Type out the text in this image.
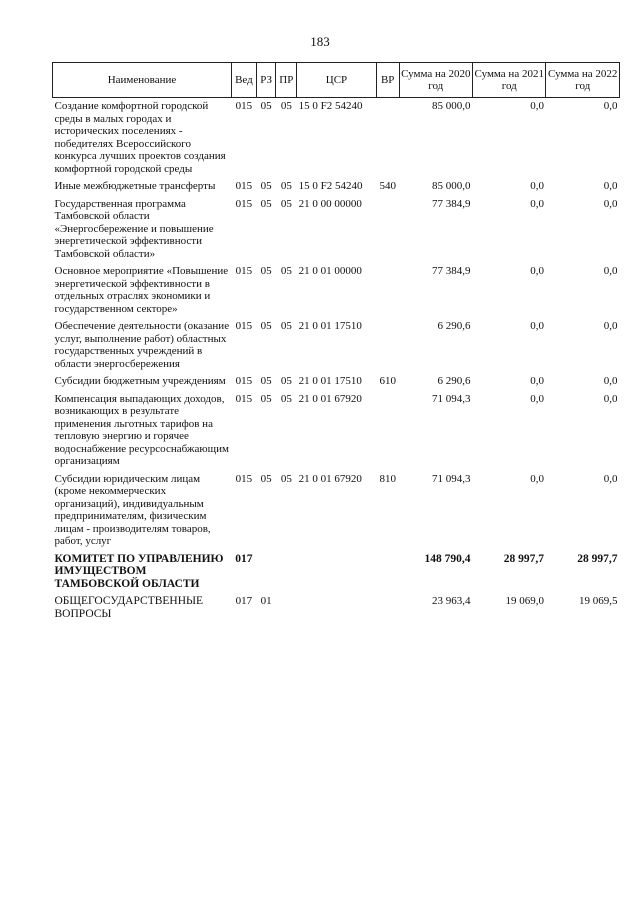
183
Наименование	Вед	РЗ	ПР	ЦСР	ВР	Сумма на 2020 год	Сумма на 2021 год	Сумма на 2022 год
Создание комфортной городской среды в малых городах и исторических поселениях - победителях Всероссийского конкурса лучших проектов создания комфортной городской среды	015	05	05	15 0 F2 54240		85 000,0	0,0	0,0
Иные межбюджетные трансферты	015	05	05	15 0 F2 54240	540	85 000,0	0,0	0,0
Государственная программа Тамбовской области «Энергосбережение и повышение энергетической эффективности Тамбовской области»	015	05	05	21 0 00 00000		77 384,9	0,0	0,0
Основное мероприятие «Повышение энергетической эффективности в отдельных отраслях экономики и государственном секторе»	015	05	05	21 0 01 00000		77 384,9	0,0	0,0
Обеспечение деятельности (оказание услуг, выполнение работ) областных государственных учреждений в области энергосбережения	015	05	05	21 0 01 17510		6 290,6	0,0	0,0
Субсидии бюджетным учреждениям	015	05	05	21 0 01 17510	610	6 290,6	0,0	0,0
Компенсация выпадающих доходов, возникающих в результате применения льготных тарифов на тепловую энергию и горячее водоснабжение ресурсоснабжающим организациям	015	05	05	21 0 01 67920		71 094,3	0,0	0,0
Субсидии юридическим лицам (кроме некоммерческих организаций), индивидуальным предпринимателям, физическим лицам - производителям товаров, работ, услуг	015	05	05	21 0 01 67920	810	71 094,3	0,0	0,0
КОМИТЕТ ПО УПРАВЛЕНИЮ ИМУЩЕСТВОМ ТАМБОВСКОЙ ОБЛАСТИ	017					148 790,4	28 997,7	28 997,7
ОБЩЕГОСУДАРСТВЕННЫЕ ВОПРОСЫ	017	01				23 963,4	19 069,0	19 069,5
